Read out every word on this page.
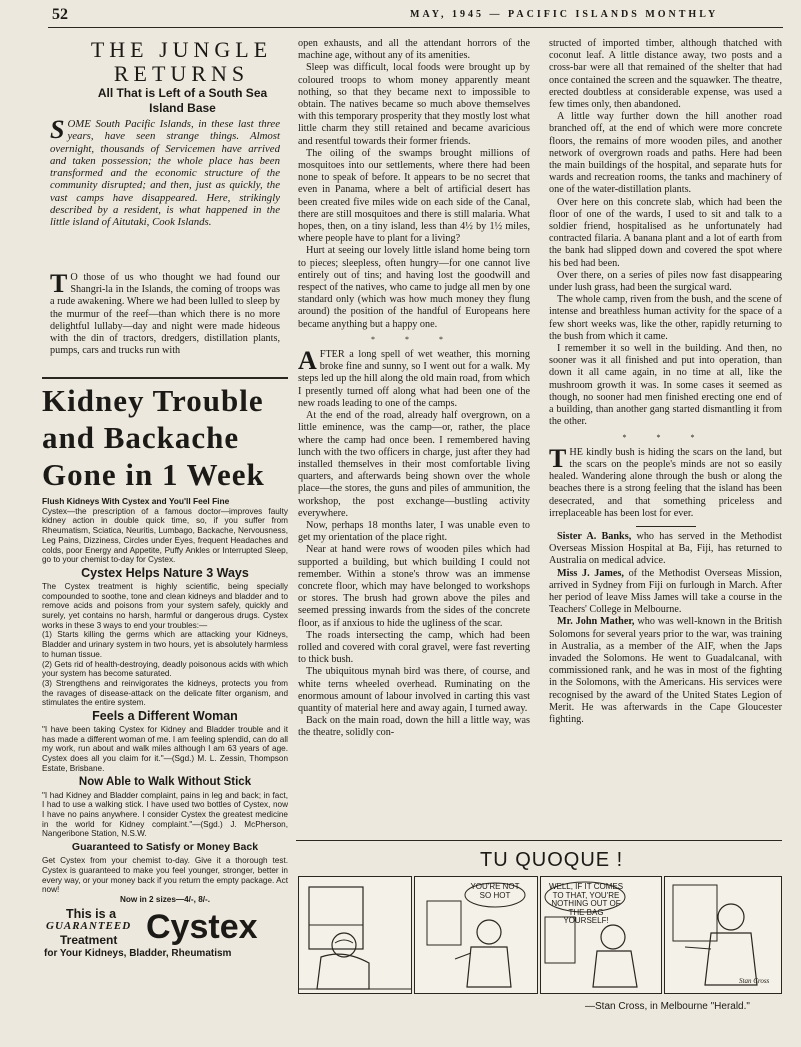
52	MAY, 1945 — PACIFIC ISLANDS MONTHLY
THE JUNGLE
RETURNS
All That is Left of a South Sea
Island Base

SOME South Pacific Islands, in these last three years, have seen strange things. Almost overnight, thousands of Servicemen have arrived and taken possession; the whole place has been transformed and the economic structure of the community disrupted; and then, just as quickly, the vast camps have disappeared. Here, strikingly described by a resident, is what happened in the little island of Aitutaki, Cook Islands.

T O those of us who thought we had found our Shangri-la in the Islands, the coming of troops was a rude awakening. Where we had been lulled to sleep by the murmur of the reef—than which there is no more delightful lullaby—day and night were made hideous with the din of tractors, dredgers, distillation plants, pumps, cars and trucks run with

Kidney Trouble
and Backache
Gone in 1 Week

Flush Kidneys With Cystex and You'll Feel Fine

Cystex—the prescription of a famous doctor—improves faulty kidney action in double quick time, so, if you suffer from Rheumatism, Sciatica, Neuritis, Lumbago, Backache, Nervousness, Leg Pains, Dizziness, Circles under Eyes, frequent Headaches and colds, poor Energy and Appetite, Puffy Ankles or Interrupted Sleep, go to your chemist to-day for Cystex.

Cystex Helps Nature 3 Ways

The Cystex treatment is highly scientific, being specially compounded to soothe, tone and clean kidneys and bladder and to remove acids and poisons from your system safely, quickly and surely, yet contains no harsh, harmful or dangerous drugs. Cystex works in these 3 ways to end your troubles:—

(1) Starts killing the germs which are attacking your Kidneys, Bladder and urinary system in two hours, yet is absolutely harmless to human tissue.

(2) Gets rid of health-destroying, deadly poisonous acids with which your system has become saturated.

(3) Strengthens and reinvigorates the kidneys, protects you from the ravages of disease-attack on the delicate filter organism, and stimulates the entire system.

Feels a Different Woman

"I have been taking Cystex for Kidney and Bladder trouble and it has made a different woman of me. I am feeling splendid, can do all my work, run about and walk miles although I am 63 years of age. Cystex does all you claim for it."—(Sgd.) M. L. Zessin, Thompson Estate, Brisbane.

Now Able to Walk Without Stick

"I had Kidney and Bladder complaint, pains in leg and back; in fact, I had to use a walking stick. I have used two bottles of Cystex, now I have no pains anywhere. I consider Cystex the greatest medicine in the world for Kidney complaint."—(Sgd.) J. McPherson, Nangeribone Station, N.S.W.

Guaranteed to Satisfy or Money Back

Get Cystex from your chemist to-day. Give it a thorough test. Cystex is guaranteed to make you feel younger, stronger, better in every way, or your money back if you return the empty package. Act now!

Now in 2 sizes—4/-, 8/-.

This is a
GUARANTEED
Treatment Cystex
for Your Kidneys, Bladder, Rheumatism

open exhausts, and all the attendant horrors of the machine age, without any of its amenities.

Sleep was difficult, local foods were brought up by coloured troops to whom money apparently meant nothing, so that they became next to impossible to obtain. The natives became so much above themselves with this temporary prosperity that they mostly lost what little charm they still retained and became avaricious and resentful towards their former friends.

The oiling of the swamps brought millions of mosquitoes into our settlements, where there had been none to speak of before. It appears to be no secret that even in Panama, where a belt of artificial desert has been created five miles wide on each side of the Canal, there are still mosquitoes and there is still malaria. What hopes, then, on a tiny island, less than 4½ by 1½ miles, where people have to plant for a living?

Hurt at seeing our lovely little island home being torn to pieces; sleepless, often hungry—for one cannot live entirely out of tins; and having lost the goodwill and respect of the natives, who came to judge all men by one standard only (which was how much money they flung around) the position of the handful of Europeans here became anything but a happy one.

* * *

AFTER a long spell of wet weather, this morning broke fine and sunny, so I went out for a walk. My steps led up the hill along the old main road, from which I presently turned off along what had been one of the new roads leading to one of the camps.

At the end of the road, already half overgrown, on a little eminence, was the camp—or, rather, the place where the camp had once been. I remembered having lunch with the two officers in charge, just after they had installed themselves in their most comfortable living quarters, and afterwards being shown over the whole place—the stores, the guns and piles of ammunition, the workshop, the post exchange—bustling activity everywhere.

Now, perhaps 18 months later, I was unable even to get my orientation of the place right.

Near at hand were rows of wooden piles which had supported a building, but which building I could not remember. Within a stone's throw was an immense concrete floor, which may have belonged to workshops or stores. The brush had grown above the piles and seemed pressing inwards from the sides of the concrete floor, as if anxious to hide the ugliness of the scar.

The roads intersecting the camp, which had been rolled and covered with coral gravel, were fast reverting to thick bush.

The ubiquitous mynah bird was there, of course, and white terns wheeled overhead. Ruminating on the enormous amount of labour involved in carting this vast quantity of material here and away again, I turned away.

Back on the main road, down the hill a little way, was the theatre, solidly con-

structed of imported timber, although thatched with coconut leaf. A little distance away, two posts and a cross-bar were all that remained of the shelter that had once contained the screen and the squawker. The theatre, erected doubtless at considerable expense, was used a few times only, then abandoned.

A little way further down the hill another road branched off, at the end of which were more concrete floors, the remains of more wooden piles, and another network of overgrown roads and paths. Here had been the main buildings of the hospital, and separate huts for wards and recreation rooms, the tanks and machinery of one of the water-distillation plants.

Over here on this concrete slab, which had been the floor of one of the wards, I used to sit and talk to a soldier friend, hospitalised as he unfortunately had contracted filaria. A banana plant and a lot of earth from the bank had slipped down and covered the spot where his bed had been.

Over there, on a series of piles now fast disappearing under lush grass, had been the surgical ward.

The whole camp, riven from the bush, and the scene of intense and breathless human activity for the space of a few short weeks was, like the other, rapidly returning to the bush from which it came.

I remember it so well in the building. And then, no sooner was it all finished and put into operation, than down it all came again, in no time at all, like the mushroom growth it was. In some cases it seemed as though, no sooner had men finished erecting one end of a building, than another gang started dismantling it from the other.

* * *

THE kindly bush is hiding the scars on the land, but the scars on the people's minds are not so easily healed. Wandering alone through the bush or along the beaches there is a strong feeling that the island has been desecrated, and that something priceless and irreplaceable has been lost for ever.

Sister A. Banks, who has served in the Methodist Overseas Mission Hospital at Ba, Fiji, has returned to Australia on medical advice.

Miss J. James, of the Methodist Overseas Mission, arrived in Sydney from Fiji on furlough in March. After her period of leave Miss James will take a course in the Teachers' College in Melbourne.

Mr. John Mather, who was well-known in the British Solomons for several years prior to the war, was training in Australia, as a member of the AIF, when the Japs invaded the Solomons. He went to Guadalcanal, with commissioned rank, and he was in most of the fighting in the Solomons, with the Americans. His services were recognised by the award of the United States Legion of Merit. He was afterwards in the Cape Gloucester fighting.

TU QUOQUE !
YOU'RE NOT SO HOT
WELL, IF IT COMES TO THAT, YOU'RE NOTHING OUT OF THE BAG YOURSELF!
Stan Cross
—Stan Cross, in Melbourne "Herald."
